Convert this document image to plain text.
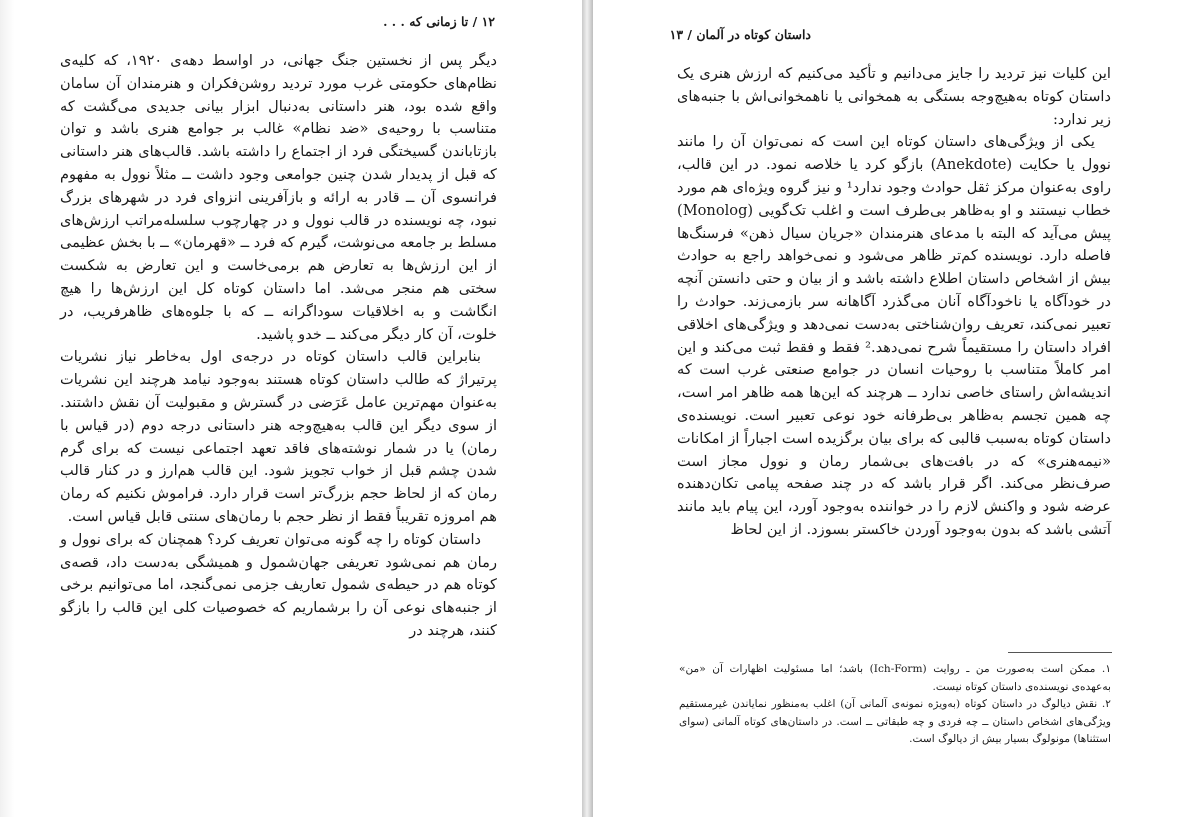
۱۲ / تا زمانی که . . .

دیگر پس از نخستین جنگ جهانی، در اواسط دهه‌ی ۱۹۲۰، که کلیه‌ی نظام‌های حکومتی غرب مورد تردید روشن‌فکران و هنرمندان آن سامان واقع شده بود، هنر داستانی به‌دنبال ابزار بیانی جدیدی می‌گشت که متناسب با روحیه‌ی «ضد نظام» غالب بر جوامع هنری باشد و توان بازتاباندن گسیختگی فرد از اجتماع را داشته باشد. قالب‌های هنر داستانی که قبل از پدیدار شدن چنین جوامعی وجود داشت ــ مثلاً نوول به مفهوم فرانسوی آن ــ قادر به ارائه و بازآفرینی انزوای فرد در شهرهای بزرگ نبود، چه نویسنده در قالب نوول و در چهارچوب سلسله‌مراتب ارزش‌های مسلط بر جامعه می‌نوشت، گیرم که فرد ــ «قهرمان» ــ با بخش عظیمی از این ارزش‌ها به تعارض هم برمی‌خاست و این تعارض به شکست سختی هم منجر می‌شد. اما داستان کوتاه کل این ارزش‌ها را هیچ انگاشت و به اخلاقیات سوداگرانه ــ که با جلوه‌های ظاهرفریب، در خلوت، آن کار دیگر می‌کند ــ خدو پاشید.

بنابراین قالب داستان کوتاه در درجه‌ی اول به‌خاطر نیاز نشریات پرتیراژ که طالب داستان کوتاه هستند به‌وجود نیامد هرچند این نشریات به‌عنوان مهم‌ترین عامل عَرَضی در گسترش و مقبولیت آن نقش داشتند. از سوی دیگر این قالب به‌هیچ‌وجه هنر داستانی درجه دوم (در قیاس با رمان) یا در شمار نوشته‌های فاقد تعهد اجتماعی نیست که برای گرم شدن چشم قبل از خواب تجویز شود. این قالب هم‌ارز و در کنار قالب رمان که از لحاظ حجم بزرگ‌تر است قرار دارد. فراموش نکنیم که رمان هم امروزه تقریباً فقط از نظر حجم با رمان‌های سنتی قابل قیاس است.

داستان کوتاه را چه گونه می‌توان تعریف کرد؟ همچنان که برای نوول و رمان هم نمی‌شود تعریفی جهان‌شمول و همیشگی به‌دست داد، قصه‌ی کوتاه هم در حیطه‌ی شمول تعاریف جزمی نمی‌گنجد، اما می‌توانیم برخی از جنبه‌های نوعی آن را برشماریم که خصوصیات کلی این قالب را بازگو کنند، هرچند در

داستان کوتاه در آلمان / ۱۳

این کلیات نیز تردید را جایز می‌دانیم و تأکید می‌کنیم که ارزش هنری یک داستان کوتاه به‌هیچ‌وجه بستگی به همخوانی یا ناهمخوانی‌اش با جنبه‌های زیر ندارد:

یکی از ویژگی‌های داستان کوتاه این است که نمی‌توان آن را مانند نوول یا حکایت (Anekdote) بازگو کرد یا خلاصه نمود. در این قالب، راوی به‌عنوان مرکز ثقل حوادث وجود ندارد¹ و نیز گروه ویژه‌ای هم مورد خطاب نیستند و او به‌ظاهر بی‌طرف است و اغلب تک‌گویی (Monolog) پیش می‌آید که البته با مدعای هنرمندان «جریان سیال ذهن» فرسنگ‌ها فاصله دارد. نویسنده کم‌تر ظاهر می‌شود و نمی‌خواهد راجع به حوادث بیش از اشخاص داستان اطلاع داشته باشد و از بیان و حتی دانستن آنچه در خودآگاه یا ناخودآگاه آنان می‌گذرد آگاهانه سر بازمی‌زند. حوادث را تعبیر نمی‌کند، تعریف روان‌شناختی به‌دست نمی‌دهد و ویژگی‌های اخلاقی افراد داستان را مستقیماً شرح نمی‌دهد.² فقط و فقط ثبت می‌کند و این امر کاملاً متناسب با روحیات انسان در جوامع صنعتی غرب است که اندیشه‌اش راستای خاصی ندارد ــ هرچند که این‌ها همه ظاهر امر است، چه همین تجسم به‌ظاهر بی‌طرفانه خود نوعی تعبیر است. نویسنده‌ی داستان کوتاه به‌سبب قالبی که برای بیان برگزیده است اجباراً از امکانات «نیمه‌هنری» که در بافت‌های بی‌شمار رمان و نوول مجاز است صرف‌نظر می‌کند. اگر قرار باشد که در چند صفحه پیامی تکان‌دهنده عرضه شود و واکنش لازم را در خواننده به‌وجود آورد، این پیام باید مانند آتشی باشد که بدون به‌وجود آوردن خاکستر بسوزد. از این لحاظ

۱. ممکن است به‌صورت من ـ روایت (Ich-Form) باشد؛ اما مسئولیت اظهارات آن «من» به‌عهده‌ی نویسنده‌ی داستان کوتاه نیست.

۲. نقش دیالوگ در داستان کوتاه (به‌ویژه نمونه‌ی آلمانی آن) اغلب به‌منظور نمایاندن غیرمستقیم ویژگی‌های اشخاص داستان ــ چه فردی و چه طبقاتی ــ است. در داستان‌های کوتاه آلمانی (سوای استثناها) مونولوگ بسیار بیش از دیالوگ است.
